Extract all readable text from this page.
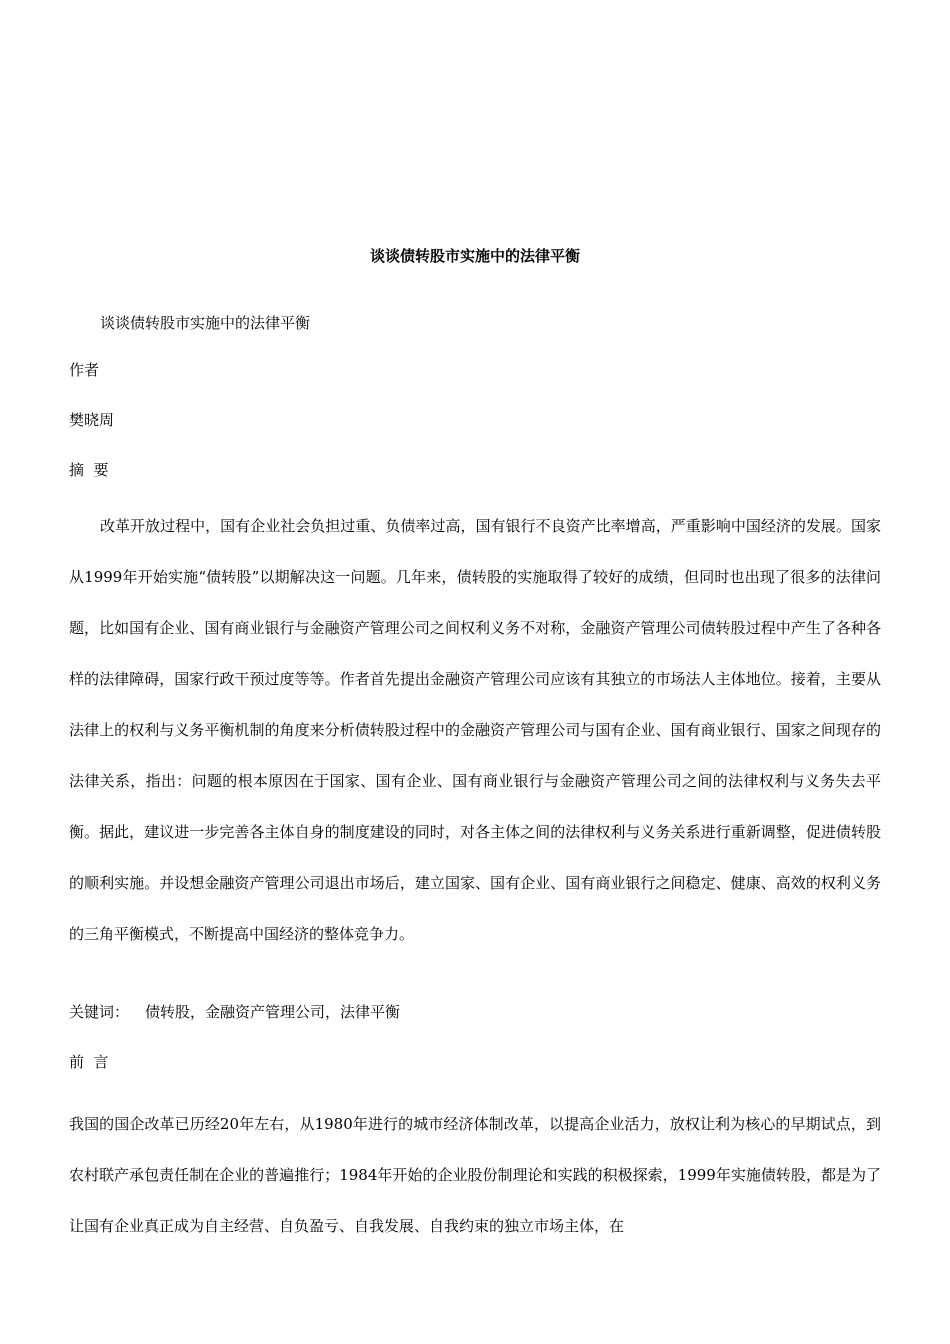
谈谈债转股市实施中的法律平衡

谈谈债转股市实施中的法律平衡

作者

樊晓周

摘  要

改革开放过程中，国有企业社会负担过重、负债率过高，国有银行不良资产比率增高，严重影响中国经济的发展。国家从1999年开始实施“债转股”以期解决这一问题。几年来，债转股的实施取得了较好的成绩，但同时也出现了很多的法律问题，比如国有企业、国有商业银行与金融资产管理公司之间权利义务不对称，金融资产管理公司债转股过程中产生了各种各样的法律障碍，国家行政干预过度等等。作者首先提出金融资产管理公司应该有其独立的市场法人主体地位。接着，主要从法律上的权利与义务平衡机制的角度来分析债转股过程中的金融资产管理公司与国有企业、国有商业银行、国家之间现存的法律关系，指出：问题的根本原因在于国家、国有企业、国有商业银行与金融资产管理公司之间的法律权利与义务失去平衡。据此，建议进一步完善各主体自身的制度建设的同时，对各主体之间的法律权利与义务关系进行重新调整，促进债转股的顺利实施。并设想金融资产管理公司退出市场后，建立国家、国有企业、国有商业银行之间稳定、健康、高效的权利义务的三角平衡模式，不断提高中国经济的整体竞争力。

关键词： 债转股，金融资产管理公司，法律平衡

前  言

我国的国企改革已历经20年左右，从1980年进行的城市经济体制改革，以提高企业活力，放权让利为核心的早期试点，到农村联产承包责任制在企业的普遍推行；1984年开始的企业股份制理论和实践的积极探索，1999年实施债转股，都是为了让国有企业真正成为自主经营、自负盈亏、自我发展、自我约束的独立市场主体，在
